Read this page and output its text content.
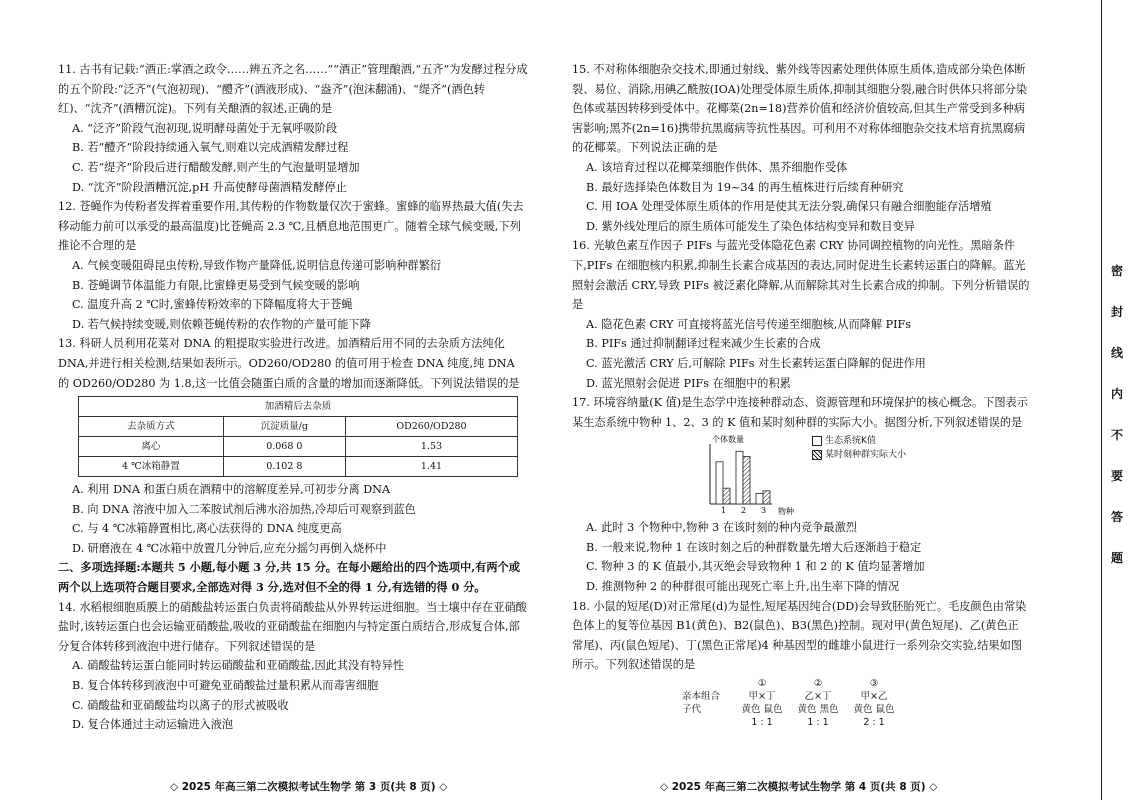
11. 古书有记载:“酒正:掌酒之政令……辨五齐之名……”“酒正”管理酿酒,“五齐”为发酵过程分成的五个阶段:“泛齐”(气泡初现)、“醴齐”(酒液形成)、“盎齐”(泡沫翻涌)、“缇齐”(酒色转红)、“沈齐”(酒糟沉淀)。下列有关酿酒的叙述,正确的是

A. “泛齐”阶段气泡初现,说明酵母菌处于无氧呼吸阶段

B. 若“醴齐”阶段持续通入氧气,则难以完成酒精发酵过程

C. 若“缇齐”阶段后进行醋酸发酵,则产生的气泡量明显增加

D. “沈齐”阶段酒糟沉淀,pH 升高使酵母菌酒精发酵停止

12. 苍蝇作为传粉者发挥着重要作用,其传粉的作物数量仅次于蜜蜂。蜜蜂的临界热最大值(失去移动能力前可以承受的最高温度)比苍蝇高 2.3 ℃,且栖息地范围更广。随着全球气候变暖,下列推论不合理的是

A. 气候变暖阻碍昆虫传粉,导致作物产量降低,说明信息传递可影响种群繁衍

B. 苍蝇调节体温能力有限,比蜜蜂更易受到气候变暖的影响

C. 温度升高 2 ℃时,蜜蜂传粉效率的下降幅度将大于苍蝇

D. 若气候持续变暖,则依赖苍蝇传粉的农作物的产量可能下降

13. 科研人员利用花菜对 DNA 的粗提取实验进行改进。加酒精后用不同的去杂质方法纯化 DNA,并进行相关检测,结果如表所示。OD260/OD280 的值可用于检查 DNA 纯度,纯 DNA 的 OD260/OD280 为 1.8,这一比值会随蛋白质的含量的增加而逐渐降低。下列说法错误的是

加酒精后去杂质		
去杂质方式	沉淀质量/g	OD260/OD280
离心	0.068 0	1.53
4 ℃冰箱静置	0.102 8	1.41

A. 利用 DNA 和蛋白质在酒精中的溶解度差异,可初步分离 DNA

B. 向 DNA 溶液中加入二苯胺试剂后沸水浴加热,冷却后可观察到蓝色

C. 与 4 ℃冰箱静置相比,离心法获得的 DNA 纯度更高

D. 研磨液在 4 ℃冰箱中放置几分钟后,应充分摇匀再倒入烧杯中

二、多项选择题:本题共 5 小题,每小题 3 分,共 15 分。在每小题给出的四个选项中,有两个或两个以上选项符合题目要求,全部选对得 3 分,选对但不全的得 1 分,有选错的得 0 分。

14. 水稻根细胞质膜上的硝酸盐转运蛋白负责将硝酸盐从外界转运进细胞。当土壤中存在亚硝酸盐时,该转运蛋白也会运输亚硝酸盐,吸收的亚硝酸盐在细胞内与特定蛋白质结合,形成复合体,部分复合体转移到液泡中进行储存。下列叙述错误的是

A. 硝酸盐转运蛋白能同时转运硝酸盐和亚硝酸盐,因此其没有特异性

B. 复合体转移到液泡中可避免亚硝酸盐过量积累从而毒害细胞

C. 硝酸盐和亚硝酸盐均以离子的形式被吸收

D. 复合体通过主动运输进入液泡

◇ 2025 年高三第二次模拟考试生物学 第 3 页(共 8 页) ◇

15. 不对称体细胞杂交技术,即通过射线、紫外线等因素处理供体原生质体,造成部分染色体断裂、易位、消除,用碘乙酰胺(IOA)处理受体原生质体,抑制其细胞分裂,融合时供体只将部分染色体或基因转移到受体中。花椰菜(2n=18)营养价值和经济价值较高,但其生产常受到多种病害影响;黑芥(2n=16)携带抗黑腐病等抗性基因。可利用不对称体细胞杂交技术培育抗黑腐病的花椰菜。下列说法正确的是

A. 该培育过程以花椰菜细胞作供体、黑芥细胞作受体

B. 最好选择染色体数目为 19~34 的再生植株进行后续育种研究

C. 用 IOA 处理受体原生质体的作用是使其无法分裂,确保只有融合细胞能存活增殖

D. 紫外线处理后的原生质体可能发生了染色体结构变异和数目变异

16. 光敏色素互作因子 PIFs 与蓝光受体隐花色素 CRY 协同调控植物的向光性。黑暗条件下,PIFs 在细胞核内积累,抑制生长素合成基因的表达,同时促进生长素转运蛋白的降解。蓝光照射会激活 CRY,导致 PIFs 被泛素化降解,从而解除其对生长素合成的抑制。下列分析错误的是

A. 隐花色素 CRY 可直接将蓝光信号传递至细胞核,从而降解 PIFs

B. PIFs 通过抑制翻译过程来减少生长素的合成

C. 蓝光激活 CRY 后,可解除 PIFs 对生长素转运蛋白降解的促进作用

D. 蓝光照射会促进 PIFs 在细胞中的积累

17. 环境容纳量(K 值)是生态学中连接种群动态、资源管理和环境保护的核心概念。下图表示某生态系统中物种 1、2、3 的 K 值和某时刻种群的实际大小。据图分析,下列叙述错误的是

个体数量
物种
1 2 3
生态系统K值
某时刻种群实际大小

A. 此时 3 个物种中,物种 3 在该时刻的种内竞争最激烈

B. 一般来说,物种 1 在该时刻之后的种群数量先增大后逐渐趋于稳定

C. 物种 3 的 K 值最小,其灭绝会导致物种 1 和 2 的 K 值均显著增加

D. 推测物种 2 的种群很可能出现死亡率上升,出生率下降的情况

18. 小鼠的短尾(D)对正常尾(d)为显性,短尾基因纯合(DD)会导致胚胎死亡。毛皮颜色由常染色体上的复等位基因 B1(黄色)、B2(鼠色)、B3(黑色)控制。现对甲(黄色短尾)、乙(黄色正常尾)、丙(鼠色短尾)、丁(黑色正常尾)4 种基因型的雌雄小鼠进行一系列杂交实验,结果如图所示。下列叙述错误的是

①	②	③
亲本组合	甲×丁	乙×丁	甲×乙
子代	黄色 鼠色	黄色 黑色	黄色 鼠色
1 : 1	1 : 1	2 : 1
◇ 2025 年高三第二次模拟考试生物学 第 4 页(共 8 页) ◇
密
封
线
内
不
要
答
题
